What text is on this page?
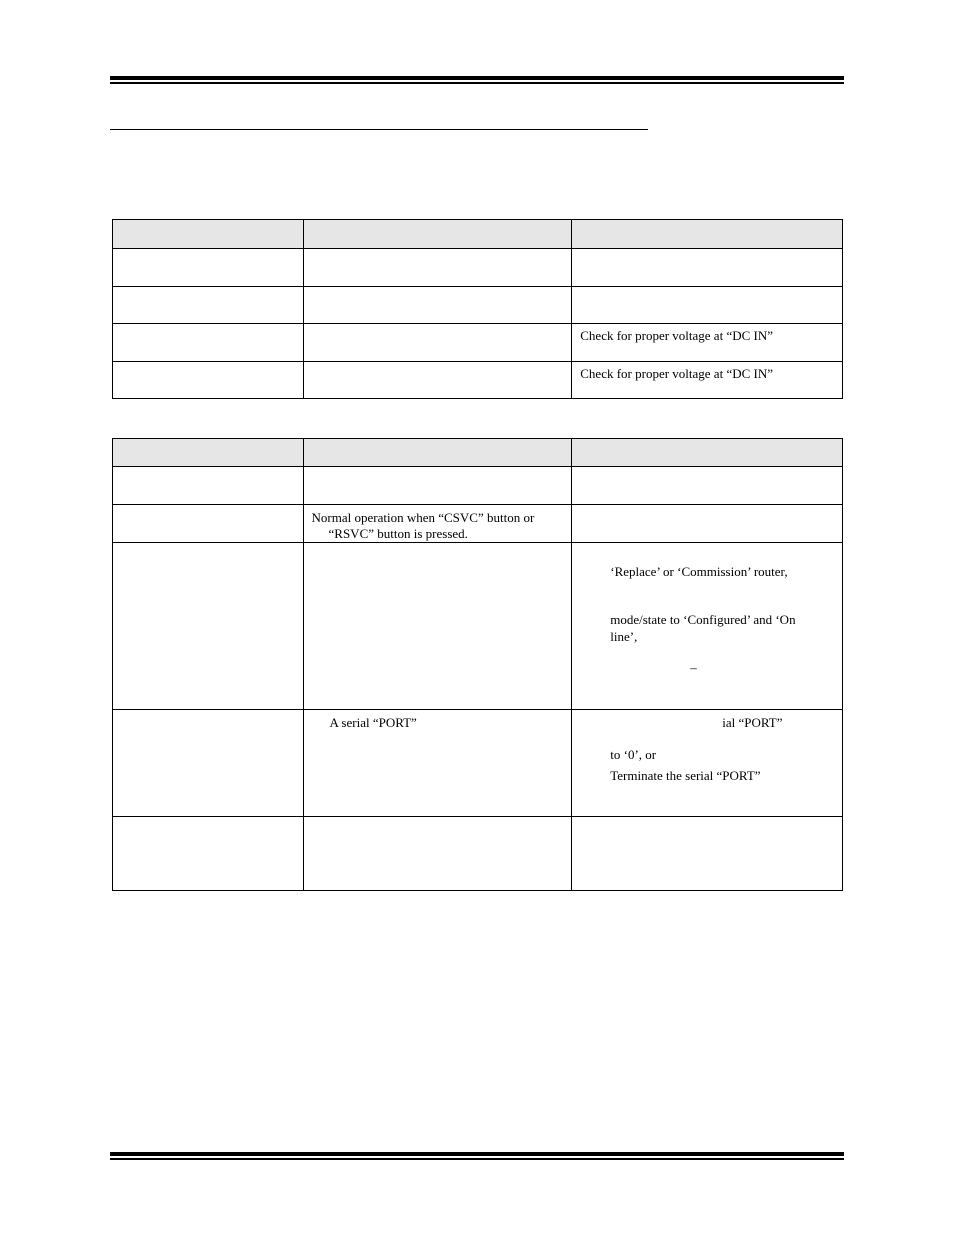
		Check for proper voltage at “DC IN”

		Check for proper voltage at “DC IN”

	Normal operation when “CSVC” button or
“RSVC” button is pressed.	

		‘Replace’ or ‘Commission’ router,
mode/state to ‘Configured’ and ‘On
line’,
–

	A serial “PORT”	ial “PORT”
to ‘0’, or
Terminate the serial “PORT”
